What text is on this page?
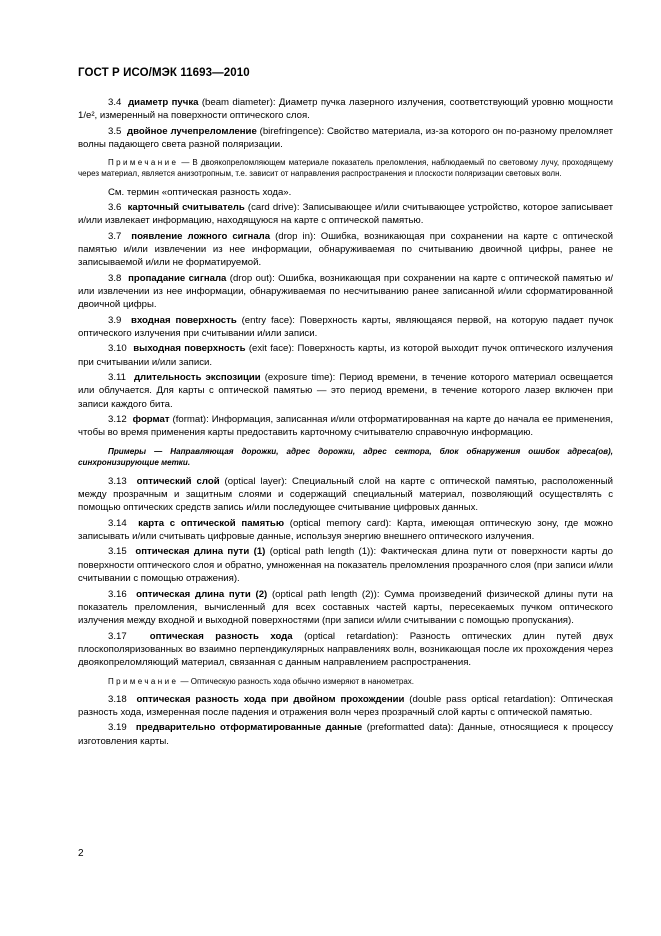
ГОСТ Р ИСО/МЭК 11693—2010

3.4 диаметр пучка (beam diameter): Диаметр пучка лазерного излучения, соответствующий уровню мощности 1/е², измеренный на поверхности оптического слоя.

3.5 двойное лучепреломление (birefringence): Свойство материала, из-за которого он по-разному преломляет волны падающего света разной поляризации.

Примечание — В двоякопреломляющем материале показатель преломления, наблюдаемый по световому лучу, проходящему через материал, является анизотропным, т.е. зависит от направления распространения и плоскости поляризации световых волн.

См. термин «оптическая разность хода».

3.6 карточный считыватель (card drive): Записывающее и/или считывающее устройство, которое записывает и/или извлекает информацию, находящуюся на карте с оптической памятью.

3.7 появление ложного сигнала (drop in): Ошибка, возникающая при сохранении на карте с оптической памятью и/или извлечении из нее информации, обнаруживаемая по считыванию двоичной цифры, ранее не записываемой и/или не форматируемой.

3.8 пропадание сигнала (drop out): Ошибка, возникающая при сохранении на карте с оптической памятью и/или извлечении из нее информации, обнаруживаемая по несчитыванию ранее записанной и/или сформатированной двоичной цифры.

3.9 входная поверхность (entry face): Поверхность карты, являющаяся первой, на которую падает пучок оптического излучения при считывании и/или записи.

3.10 выходная поверхность (exit face): Поверхность карты, из которой выходит пучок оптического излучения при считывании и/или записи.

3.11 длительность экспозиции (exposure time): Период времени, в течение которого материал освещается или облучается. Для карты с оптической памятью — это период времени, в течение которого лазер включен при записи каждого бита.

3.12 формат (format): Информация, записанная и/или отформатированная на карте до начала ее применения, чтобы во время применения карты предоставить карточному считывателю справочную информацию.

Примеры — Направляющая дорожки, адрес дорожки, адрес сектора, блок обнаружения ошибок адреса(ов), синхронизирующие метки.

3.13 оптический слой (optical layer): Специальный слой на карте с оптической памятью, расположенный между прозрачным и защитным слоями и содержащий специальный материал, позволяющий осуществлять с помощью оптических средств запись и/или последующее считывание цифровых данных.

3.14 карта с оптической памятью (optical memory card): Карта, имеющая оптическую зону, где можно записывать и/или считывать цифровые данные, используя энергию внешнего оптического излучения.

3.15 оптическая длина пути (1) (optical path length (1)): Фактическая длина пути от поверхности карты до поверхности оптического слоя и обратно, умноженная на показатель преломления прозрачного слоя (при записи и/или считывании с помощью отражения).

3.16 оптическая длина пути (2) (optical path length (2)): Сумма произведений физической длины пути на показатель преломления, вычисленный для всех составных частей карты, пересекаемых пучком оптического излучения между входной и выходной поверхностями (при записи и/или считывании с помощью пропускания).

3.17 оптическая разность хода (optical retardation): Разность оптических длин путей двух плоскополяризованных во взаимно перпендикулярных направлениях волн, возникающая после их прохождения через двоякопреломляющий материал, связанная с данным направлением распространения.

Примечание — Оптическую разность хода обычно измеряют в нанометрах.

3.18 оптическая разность хода при двойном прохождении (double pass optical retardation): Оптическая разность хода, измеренная после падения и отражения волн через прозрачный слой карты с оптической памятью.

3.19 предварительно отформатированные данные (preformatted data): Данные, относящиеся к процессу изготовления карты.

2
